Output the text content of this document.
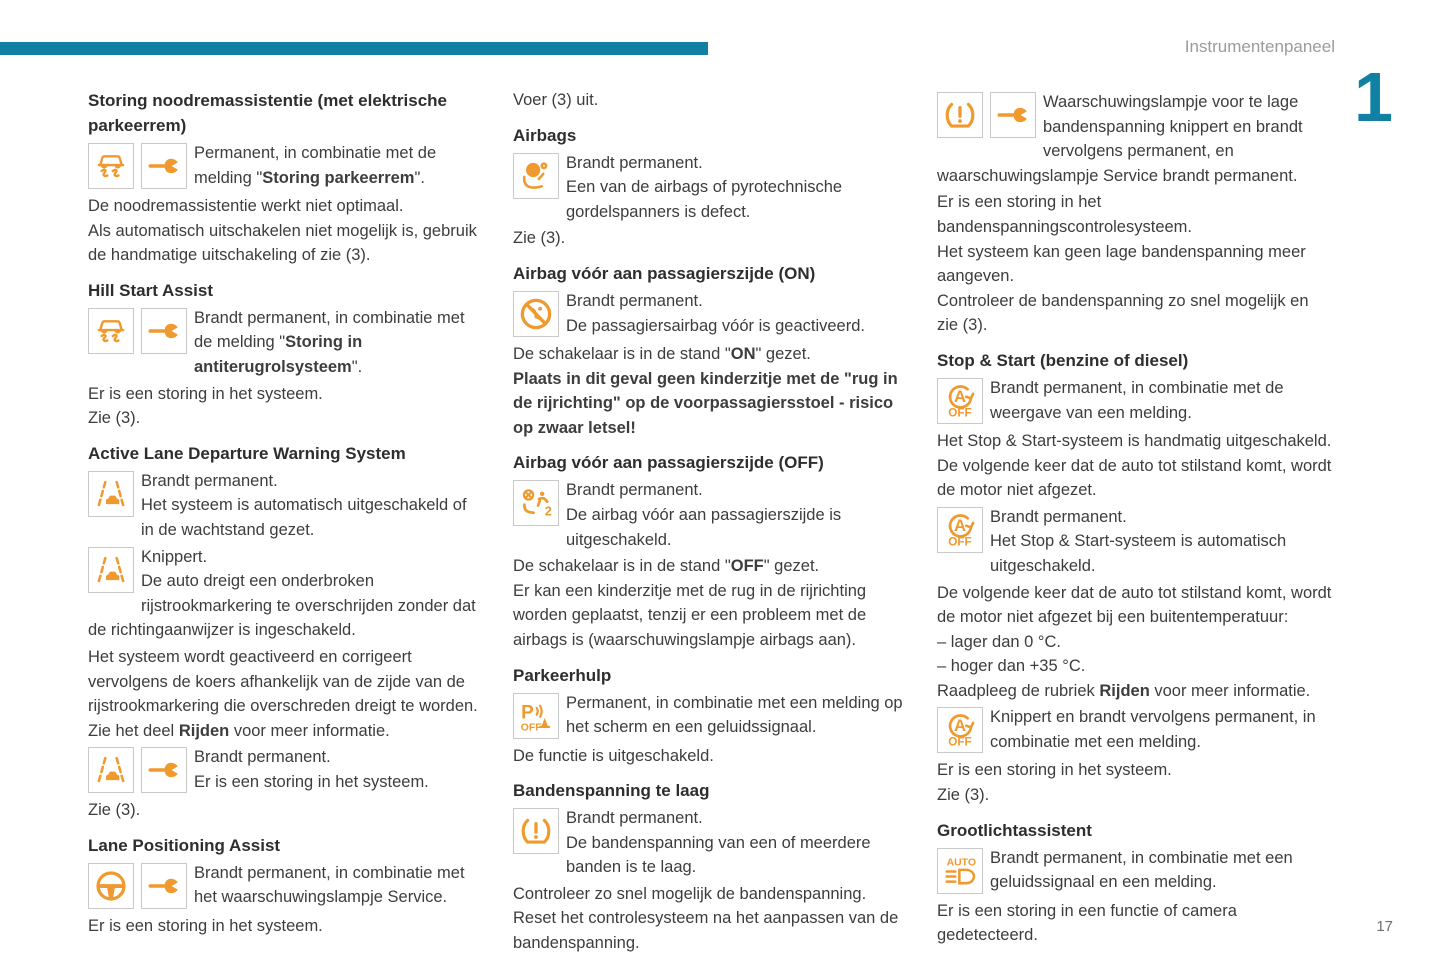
Instrumentenpaneel
1
17
Storing noodremassistentie (met elektrische parkeerrem)

Permanent, in combinatie met de melding "Storing parkeerrem".

De noodremassistentie werkt niet optimaal.

Als automatisch uitschakelen niet mogelijk is, gebruik de handmatige uitschakeling of zie (3).

Hill Start Assist

Brandt permanent, in combinatie met de melding "Storing in antiterugrolsysteem".

Er is een storing in het systeem.

Zie (3).

Active Lane Departure Warning System

Brandt permanent.
Het systeem is automatisch uitgeschakeld of in de wachtstand gezet.

Knippert.
De auto dreigt een onderbroken rijstrookmarkering te overschrijden zonder dat de richtingaanwijzer is ingeschakeld.

Het systeem wordt geactiveerd en corrigeert vervolgens de koers afhankelijk van de zijde van de rijstrookmarkering die overschreden dreigt te worden.

Zie het deel Rijden voor meer informatie.

Brandt permanent.
Er is een storing in het systeem.

Zie (3).

Lane Positioning Assist

Brandt permanent, in combinatie met het waarschuwingslampje Service.

Er is een storing in het systeem.

Voer (3) uit.

Airbags

Brandt permanent.
Een van de airbags of pyrotechnische gordelspanners is defect.

Zie (3).

Airbag vóór aan passagierszijde (ON)

Brandt permanent.
De passagiersairbag vóór is geactiveerd.

De schakelaar is in de stand "ON" gezet.

Plaats in dit geval geen kinderzitje met de "rug in de rijrichting" op de voorpassagiersstoel - risico op zwaar letsel!

Airbag vóór aan passagierszijde (OFF)
2

Brandt permanent.
De airbag vóór aan passagierszijde is uitgeschakeld.

De schakelaar is in de stand "OFF" gezet.

Er kan een kinderzitje met de rug in de rijrichting worden geplaatst, tenzij er een probleem met de airbags is (waarschuwingslampje airbags aan).

Parkeerhulp
P
OFF

Permanent, in combinatie met een melding op het scherm en een geluidssignaal.

De functie is uitgeschakeld.

Bandenspanning te laag

Brandt permanent.
De bandenspanning van een of meerdere banden is te laag.

Controleer zo snel mogelijk de bandenspanning.

Reset het controlesysteem na het aanpassen van de bandenspanning.

Waarschuwingslampje voor te lage bandenspanning knippert en brandt vervolgens permanent, en waarschuwingslampje Service brandt permanent.

Er is een storing in het bandenspanningscontrolesysteem.

Het systeem kan geen lage bandenspanning meer aangeven.

Controleer de bandenspanning zo snel mogelijk en zie (3).

Stop & Start (benzine of diesel)
A
OFF

Brandt permanent, in combinatie met de weergave van een melding.

Het Stop & Start-systeem is handmatig uitgeschakeld.

De volgende keer dat de auto tot stilstand komt, wordt de motor niet afgezet.

A
OFF

Brandt permanent.
Het Stop & Start-systeem is automatisch uitgeschakeld.

De volgende keer dat de auto tot stilstand komt, wordt de motor niet afgezet bij een buitentemperatuur:

– lager dan 0 °C.

– hoger dan +35 °C.

Raadpleeg de rubriek Rijden voor meer informatie.

A
OFF

Knippert en brandt vervolgens permanent, in combinatie met een melding.

Er is een storing in het systeem.

Zie (3).

Grootlichtassistent
AUTO Brandt permanent, in combinatie met een geluidssignaal en een melding.

Er is een storing in een functie of camera gedetecteerd.
